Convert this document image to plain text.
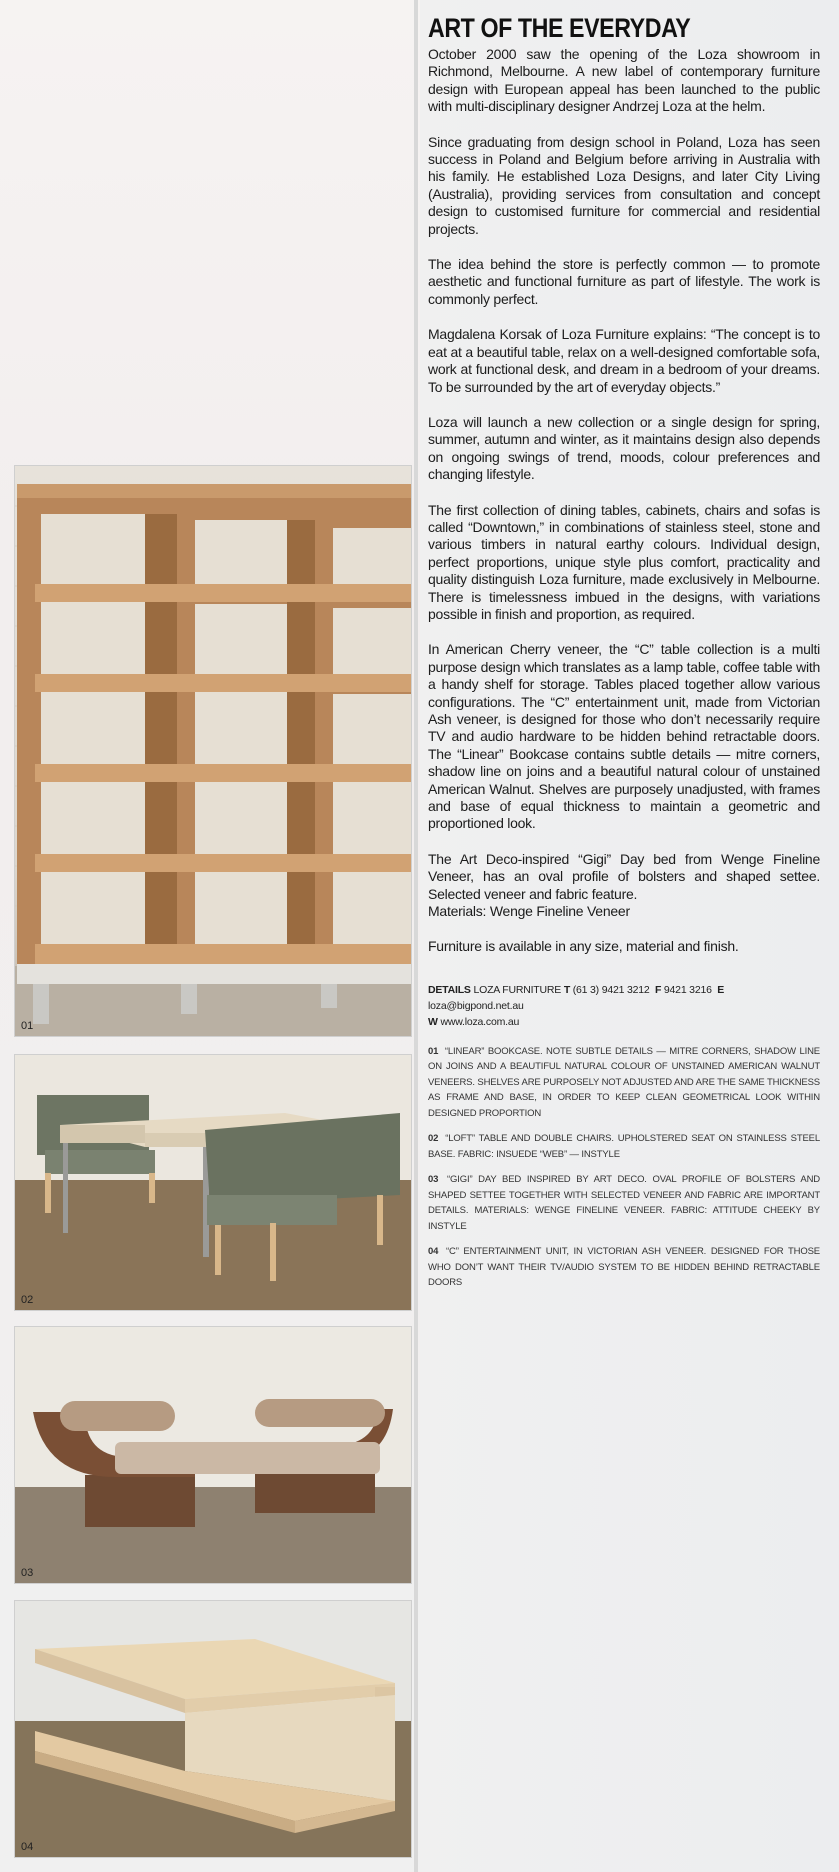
01
02
03
04
ART OF THE EVERYDAY

October 2000 saw the opening of the Loza showroom in Richmond, Melbourne. A new label of contemporary furniture design with European appeal has been launched to the public with multi-disciplinary designer Andrzej Loza at the helm.

Since graduating from design school in Poland, Loza has seen success in Poland and Belgium before arriving in Australia with his family. He established Loza Designs, and later City Living (Australia), providing services from consultation and concept design to customised furniture for commercial and residential projects.

The idea behind the store is perfectly common — to promote aesthetic and functional furniture as part of lifestyle. The work is commonly perfect.

Magdalena Korsak of Loza Furniture explains: “The concept is to eat at a beautiful table, relax on a well-designed comfortable sofa, work at functional desk, and dream in a bedroom of your dreams. To be surrounded by the art of everyday objects.”

Loza will launch a new collection or a single design for spring, summer, autumn and winter, as it maintains design also depends on ongoing swings of trend, moods, colour preferences and changing lifestyle.

The first collection of dining tables, cabinets, chairs and sofas is called “Downtown,” in combinations of stainless steel, stone and various timbers in natural earthy colours. Individual design, perfect proportions, unique style plus comfort, practicality and quality distinguish Loza furniture, made exclusively in Melbourne. There is timelessness imbued in the designs, with variations possible in finish and proportion, as required.

In American Cherry veneer, the “C” table collection is a multi purpose design which translates as a lamp table, coffee table with a handy shelf for storage. Tables placed together allow various configurations. The “C” entertainment unit, made from Victorian Ash veneer, is designed for those who don’t necessarily require TV and audio hardware to be hidden behind retractable doors. The “Linear” Bookcase contains subtle details — mitre corners, shadow line on joins and a beautiful natural colour of unstained American Walnut. Shelves are purposely unadjusted, with frames and base of equal thickness to maintain a geometric and proportioned look.

The Art Deco-inspired “Gigi” Day bed from Wenge Fineline Veneer, has an oval profile of bolsters and shaped settee. Selected veneer and fabric feature.

Materials: Wenge Fineline Veneer

Furniture is available in any size, material and finish.

DETAILS LOZA FURNITURE T (61 3) 9421 3212 F 9421 3216 E loza@bigpond.net.au
W www.loza.com.au

01 “LINEAR” BOOKCASE. NOTE SUBTLE DETAILS — MITRE CORNERS, SHADOW LINE ON JOINS AND A BEAUTIFUL NATURAL COLOUR OF UNSTAINED AMERICAN WALNUT VENEERS. SHELVES ARE PURPOSELY NOT ADJUSTED AND ARE THE SAME THICKNESS AS FRAME AND BASE, IN ORDER TO KEEP CLEAN GEOMETRICAL LOOK WITHIN DESIGNED PROPORTION

02 “LOFT” TABLE AND DOUBLE CHAIRS. UPHOLSTERED SEAT ON STAINLESS STEEL BASE. FABRIC: INSUEDE “WEB” — INSTYLE

03 “GIGI” DAY BED INSPIRED BY ART DECO. OVAL PROFILE OF BOLSTERS AND SHAPED SETTEE TOGETHER WITH SELECTED VENEER AND FABRIC ARE IMPORTANT DETAILS. MATERIALS: WENGE FINELINE VENEER. FABRIC: ATTITUDE CHEEKY BY INSTYLE

04 “C” ENTERTAINMENT UNIT, IN VICTORIAN ASH VENEER. DESIGNED FOR THOSE WHO DON’T WANT THEIR TV/AUDIO SYSTEM TO BE HIDDEN BEHIND RETRACTABLE DOORS
